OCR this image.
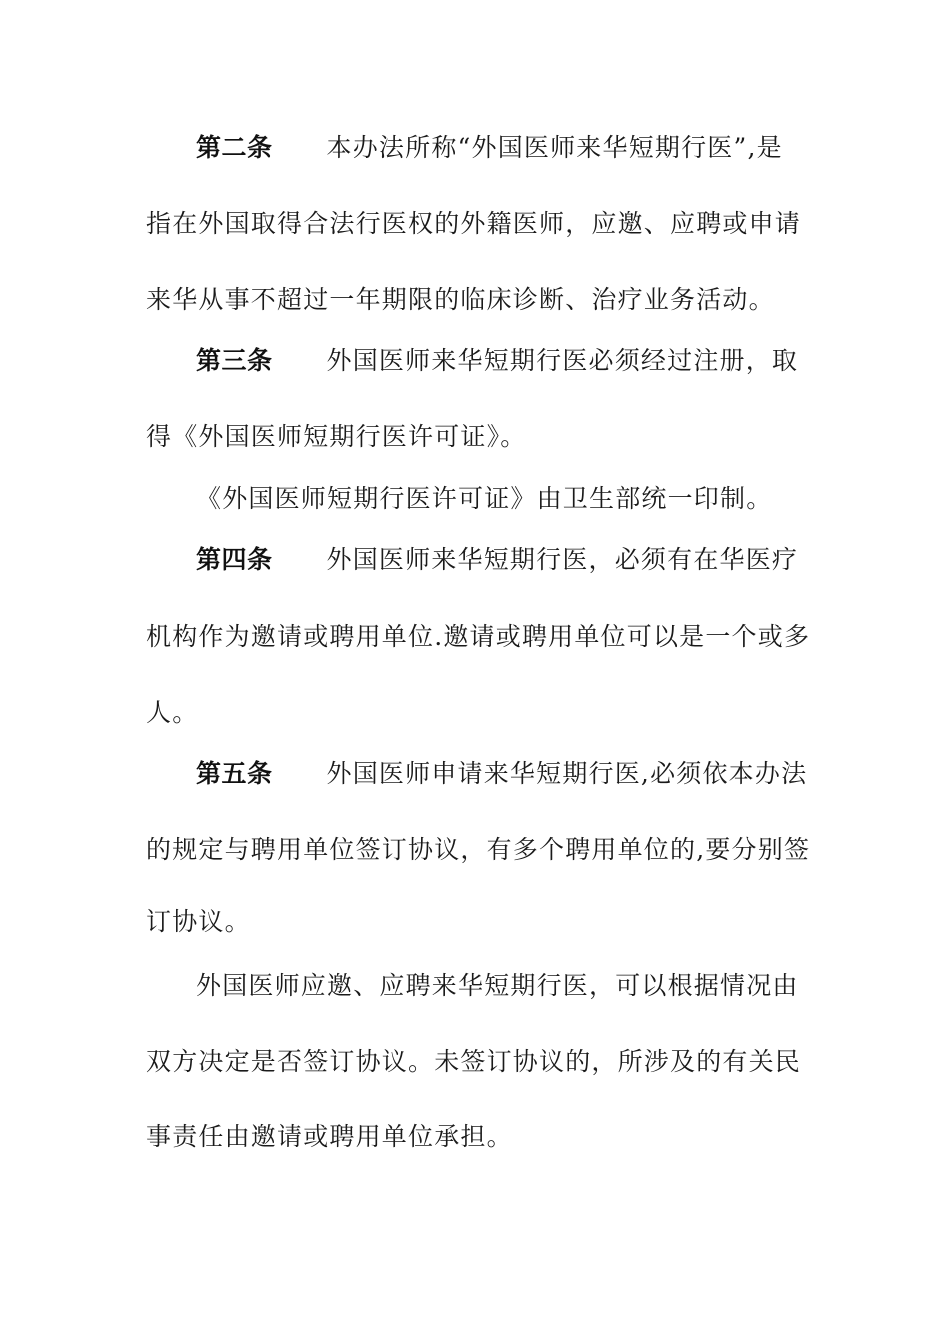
第二条 本办法所称“外国医师来华短期行医”,是
指在外国取得合法行医权的外籍医师，应邀、应聘或申请
来华从事不超过一年期限的临床诊断、治疗业务活动。
第三条 外国医师来华短期行医必须经过注册，取
得《外国医师短期行医许可证》。
《外国医师短期行医许可证》由卫生部统一印制。
第四条 外国医师来华短期行医，必须有在华医疗
机构作为邀请或聘用单位.邀请或聘用单位可以是一个或多
人。
第五条 外国医师申请来华短期行医,必须依本办法
的规定与聘用单位签订协议，有多个聘用单位的,要分别签
订协议。
外国医师应邀、应聘来华短期行医，可以根据情况由
双方决定是否签订协议。未签订协议的，所涉及的有关民
事责任由邀请或聘用单位承担。
